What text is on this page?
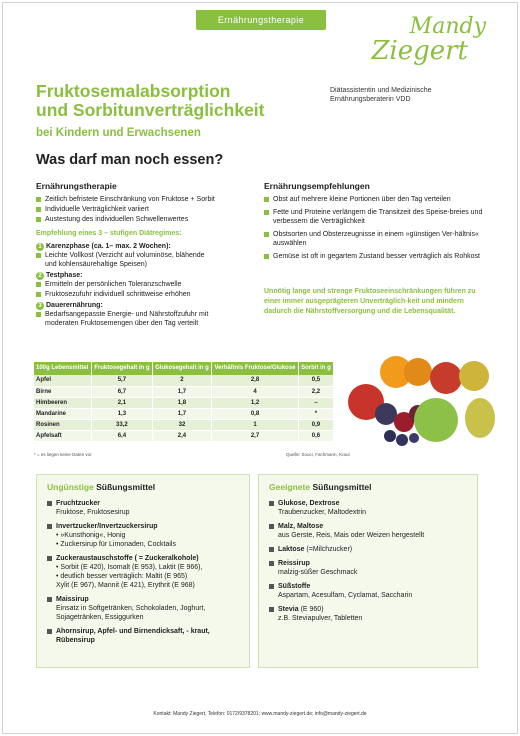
Ernährungstherapie	Mandy
Ziegert
Diätassistentin und Medizinische
Ernährungsberaterin VDD
Fruktosemalabsorption
und Sorbitunverträglichkeit
bei Kindern und Erwachsenen
Was darf man noch essen?
Ernährungstherapie
Zeitlich befristete Einschränkung von Fruktose + Sorbit
Individuelle Verträglichkeit variiert
Austestung des individuellen Schwellenwertes
Empfehlung eines 3 – stufigen Diätregimes:
1 Karenzphase (ca. 1– max. 2 Wochen):
Leichte Vollkost (Verzicht auf voluminöse, blähende
und kohlensäurehaltige Speisen)
2 Testphase:
Ermitteln der persönlichen Toleranzschwelle
Fruktosezufuhr individuell schrittweise erhöhen
3 Dauerernährung:
Bedarfsangepasste Energie- und Nährstoffzufuhr mit
moderaten Fruktosemengen über den Tag verteilt
Ernährungsempfehlungen
Obst auf mehrere kleine Portionen über den Tag verteilen
Fette und Proteine verlängern die Transitzeit des Speise-breies und verbessern die Verträglichkeit
Obstsorten und Obsterzeugnisse in einem »günstigen Ver-hältnis« auswählen
Gemüse ist oft in gegartem Zustand besser verträglich als Rohkost
Unnötig lange und strenge Fruktoseeinschränkungen führen zu einer immer ausgeprägteren Unverträglich-keit und mindern dadurch die Nährstoffversorgung und die Lebensqualität.
100g Lebensmittel	Fruktosegehalt in g	Glukosegehalt in g	Verhältnis Fruktose/Glukose	Sorbit in g
Apfel	5,7	2	2,8	0,5
Birne	6,7	1,7	4	2,2
Himbeeren	2,1	1,8	1,2	–
Mandarine	1,3	1,7	0,8	*
Rosinen	33,2	32	1	0,9
Apfelsaft	6,4	2,4	2,7	0,6
* = es liegen keine Daten vor	Quelle: Souci, Fachmann, Kraut
Ungünstige Süßungsmittel
Fruchtzucker
Fruktose, Fruktosesirup
Invertzucker/Invertzuckersirup
• »Kunsthonig«, Honig
• Zuckersirup für Limonaden, Cocktails
Zuckeraustauschstoffe ( = Zuckeralkohole)
• Sorbit (E 420), Isomalt (E 953), Laktit (E 966),
• deutlich besser verträglich: Maltit (E 965)
Xylit (E 967), Mannit (E 421), Erythrit (E 968)
Maissirup
Einsatz in Softgetränken, Schokoladen, Joghurt,
Sojagetränken, Essiggurken
Ahornsirup, Apfel- und Birnendicksaft, - kraut, Rübensirup
Geeignete Süßungsmittel
Glukose, Dextrose
Traubenzucker, Maltodextrin
Malz, Maltose
aus Gerste, Reis, Mais oder Weizen hergestellt
Laktose (=Milchzucker)
Reissirup
malzig-süßer Geschmack
Süßstoffe
Aspartam, Acesulfam, Cyclamat, Saccharin
Stevia (E 960)
z.B. Steviapulver, Tabletten
Kontakt: Mandy Ziegert, Telefon: 0172/9378201; www.mandy-ziegert.de; info@mandy-ziegert.de
